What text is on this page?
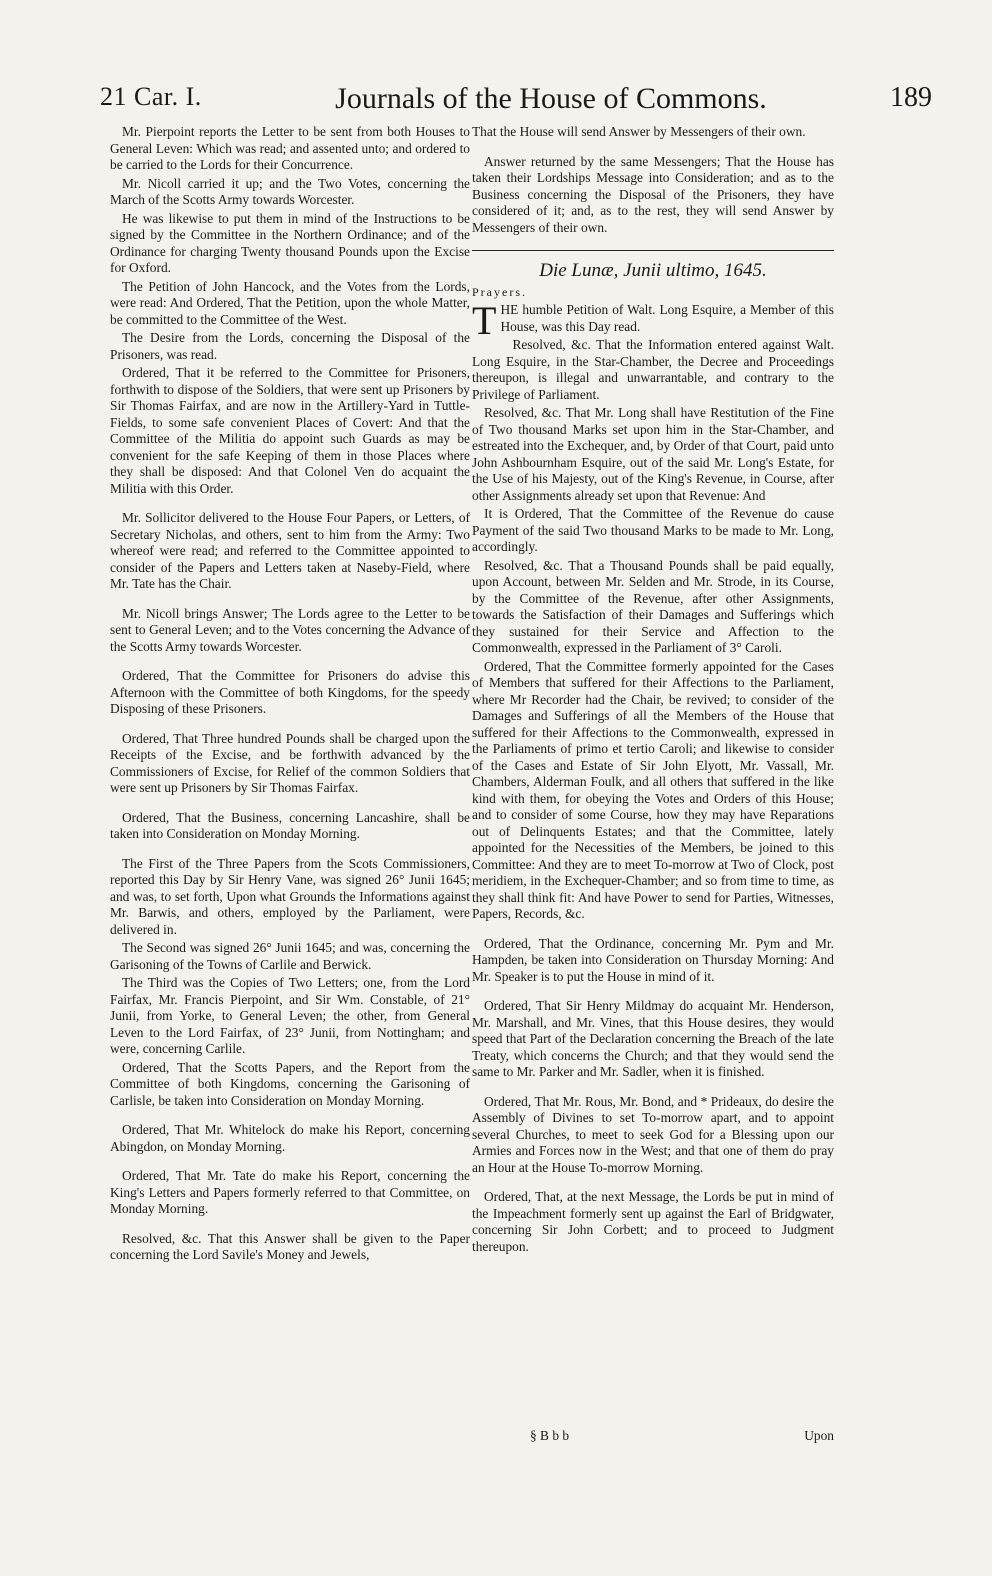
21 Car. I.	Journals of the House of Commons.	189

Mr. Pierpoint reports the Letter to be sent from both Houses to General Leven: Which was read; and assented unto; and ordered to be carried to the Lords for their Concurrence.

Mr. Nicoll carried it up; and the Two Votes, concerning the March of the Scotts Army towards Worcester.

He was likewise to put them in mind of the Instructions to be signed by the Committee in the Northern Ordinance; and of the Ordinance for charging Twenty thousand Pounds upon the Excise for Oxford.

The Petition of John Hancock, and the Votes from the Lords, were read: And Ordered, That the Petition, upon the whole Matter, be committed to the Committee of the West.

The Desire from the Lords, concerning the Disposal of the Prisoners, was read.

Ordered, That it be referred to the Committee for Prisoners, forthwith to dispose of the Soldiers, that were sent up Prisoners by Sir Thomas Fairfax, and are now in the Artillery-Yard in Tuttle-Fields, to some safe convenient Places of Covert: And that the Committee of the Militia do appoint such Guards as may be convenient for the safe Keeping of them in those Places where they shall be disposed: And that Colonel Ven do acquaint the Militia with this Order.

Mr. Sollicitor delivered to the House Four Papers, or Letters, of Secretary Nicholas, and others, sent to him from the Army: Two whereof were read; and referred to the Committee appointed to consider of the Papers and Letters taken at Naseby-Field, where Mr. Tate has the Chair.

Mr. Nicoll brings Answer; The Lords agree to the Letter to be sent to General Leven; and to the Votes concerning the Advance of the Scotts Army towards Worcester.

Ordered, That the Committee for Prisoners do advise this Afternoon with the Committee of both Kingdoms, for the speedy Disposing of these Prisoners.

Ordered, That Three hundred Pounds shall be charged upon the Receipts of the Excise, and be forthwith advanced by the Commissioners of Excise, for Relief of the common Soldiers that were sent up Prisoners by Sir Thomas Fairfax.

Ordered, That the Business, concerning Lancashire, shall be taken into Consideration on Monday Morning.

The First of the Three Papers from the Scots Commissioners, reported this Day by Sir Henry Vane, was signed 26° Junii 1645; and was, to set forth, Upon what Grounds the Informations against Mr. Barwis, and others, employed by the Parliament, were delivered in.

The Second was signed 26° Junii 1645; and was, concerning the Garisoning of the Towns of Carlile and Berwick.

The Third was the Copies of Two Letters; one, from the Lord Fairfax, Mr. Francis Pierpoint, and Sir Wm. Constable, of 21° Junii, from Yorke, to General Leven; the other, from General Leven to the Lord Fairfax, of 23° Junii, from Nottingham; and were, concerning Carlile.

Ordered, That the Scotts Papers, and the Report from the Committee of both Kingdoms, concerning the Garisoning of Carlisle, be taken into Consideration on Monday Morning.

Ordered, That Mr. Whitelock do make his Report, concerning Abingdon, on Monday Morning.

Ordered, That Mr. Tate do make his Report, concerning the King's Letters and Papers formerly referred to that Committee, on Monday Morning.

Resolved, &c. That this Answer shall be given to the Paper concerning the Lord Savile's Money and Jewels,

That the House will send Answer by Messengers of their own.

Answer returned by the same Messengers; That the House has taken their Lordships Message into Consideration; and as to the Business concerning the Disposal of the Prisoners, they have considered of it; and, as to the rest, they will send Answer by Messengers of their own.

Die Lunæ, Junii ultimo, 1645.
Prayers.

THE humble Petition of Walt. Long Esquire, a Member of this House, was this Day read.

Resolved, &c. That the Information entered against Walt. Long Esquire, in the Star-Chamber, the Decree and Proceedings thereupon, is illegal and unwarrantable, and contrary to the Privilege of Parliament.

Resolved, &c. That Mr. Long shall have Restitution of the Fine of Two thousand Marks set upon him in the Star-Chamber, and estreated into the Exchequer, and, by Order of that Court, paid unto John Ashbournham Esquire, out of the said Mr. Long's Estate, for the Use of his Majesty, out of the King's Revenue, in Course, after other Assignments already set upon that Revenue: And

It is Ordered, That the Committee of the Revenue do cause Payment of the said Two thousand Marks to be made to Mr. Long, accordingly.

Resolved, &c. That a Thousand Pounds shall be paid equally, upon Account, between Mr. Selden and Mr. Strode, in its Course, by the Committee of the Revenue, after other Assignments, towards the Satisfaction of their Damages and Sufferings which they sustained for their Service and Affection to the Commonwealth, expressed in the Parliament of 3° Caroli.

Ordered, That the Committee formerly appointed for the Cases of Members that suffered for their Affections to the Parliament, where Mr Recorder had the Chair, be revived; to consider of the Damages and Sufferings of all the Members of the House that suffered for their Affections to the Commonwealth, expressed in the Parliaments of primo et tertio Caroli; and likewise to consider of the Cases and Estate of Sir John Elyott, Mr. Vassall, Mr. Chambers, Alderman Foulk, and all others that suffered in the like kind with them, for obeying the Votes and Orders of this House; and to consider of some Course, how they may have Reparations out of Delinquents Estates; and that the Committee, lately appointed for the Necessities of the Members, be joined to this Committee: And they are to meet To-morrow at Two of Clock, post meridiem, in the Exchequer-Chamber; and so from time to time, as they shall think fit: And have Power to send for Parties, Witnesses, Papers, Records, &c.

Ordered, That the Ordinance, concerning Mr. Pym and Mr. Hampden, be taken into Consideration on Thursday Morning: And Mr. Speaker is to put the House in mind of it.

Ordered, That Sir Henry Mildmay do acquaint Mr. Henderson, Mr. Marshall, and Mr. Vines, that this House desires, they would speed that Part of the Declaration concerning the Breach of the late Treaty, which concerns the Church; and that they would send the same to Mr. Parker and Mr. Sadler, when it is finished.

Ordered, That Mr. Rous, Mr. Bond, and * Prideaux, do desire the Assembly of Divines to set To-morrow apart, and to appoint several Churches, to meet to seek God for a Blessing upon our Armies and Forces now in the West; and that one of them do pray an Hour at the House To-morrow Morning.

Ordered, That, at the next Message, the Lords be put in mind of the Impeachment formerly sent up against the Earl of Bridgwater, concerning Sir John Corbett; and to proceed to Judgment thereupon.

§ B b b	Upon
